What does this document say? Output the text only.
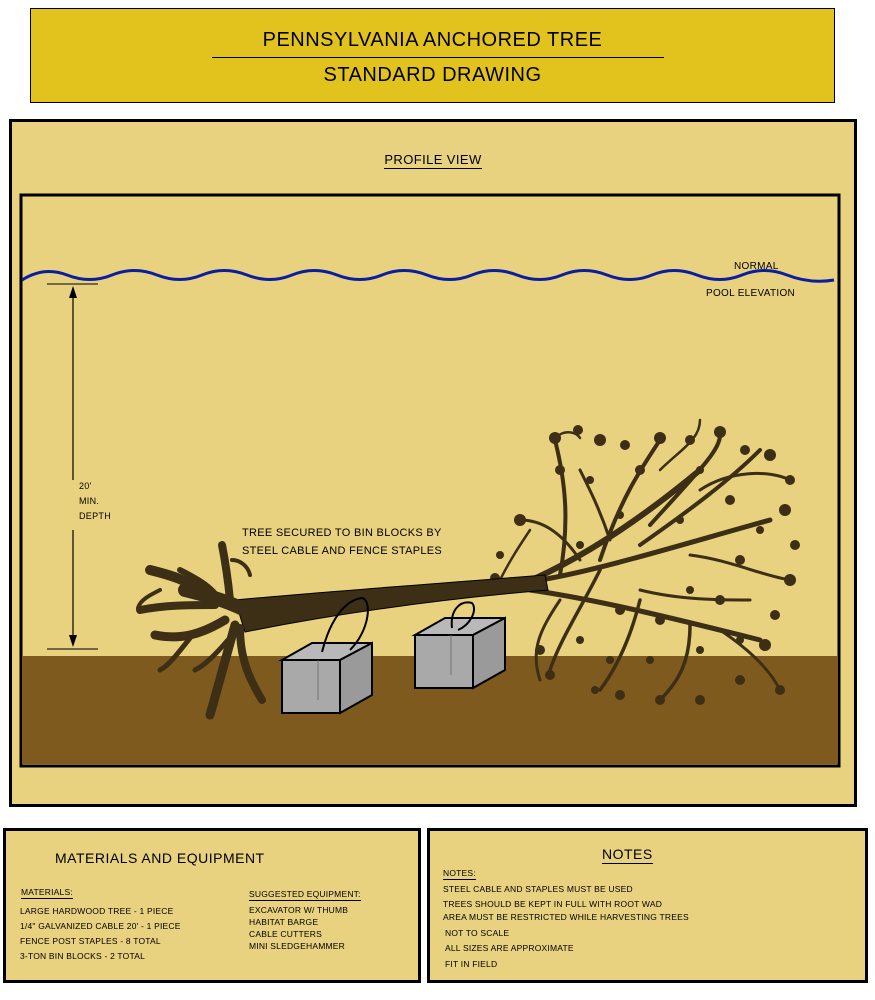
PENNSYLVANIA ANCHORED TREE
STANDARD DRAWING
PROFILE VIEW
NORMAL
POOL ELEVATION
20'
MIN.
DEPTH
TREE SECURED TO BIN BLOCKS BY
STEEL CABLE AND FENCE STAPLES
MATERIALS AND EQUIPMENT
MATERIALS:
LARGE HARDWOOD TREE - 1 PIECE
1/4" GALVANIZED CABLE 20' - 1 PIECE
FENCE POST STAPLES - 8 TOTAL
3-TON BIN BLOCKS - 2 TOTAL
SUGGESTED EQUIPMENT:
EXCAVATOR W/ THUMB
HABITAT BARGE
CABLE CUTTERS
MINI SLEDGEHAMMER
NOTES
NOTES:
STEEL CABLE AND STAPLES MUST BE USED
TREES SHOULD BE KEPT IN FULL WITH ROOT WAD
AREA MUST BE RESTRICTED WHILE HARVESTING TREES
NOT TO SCALE
ALL SIZES ARE APPROXIMATE
FIT IN FIELD
